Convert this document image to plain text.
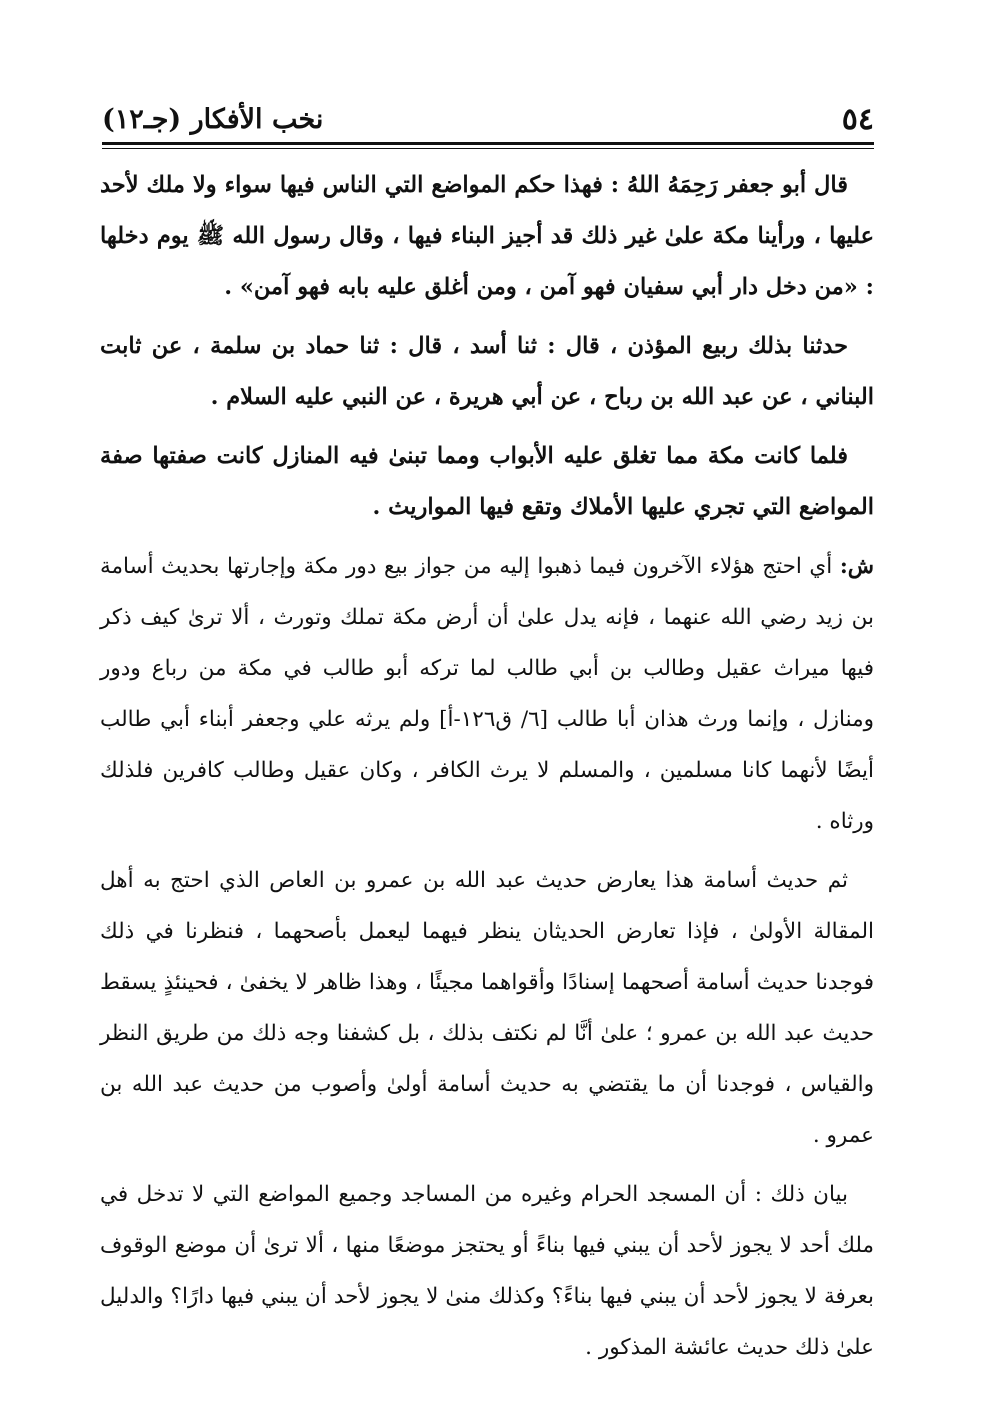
٥٤
نخب الأفكار (جـ١٢)

قال أبو جعفر رَحِمَهُ اللهُ : فهذا حكم المواضع التي الناس فيها سواء ولا ملك لأحد عليها ، ورأينا مكة علىٰ غير ذلك قد أجيز البناء فيها ، وقال رسول الله ﷺ يوم دخلها : «من دخل دار أبي سفيان فهو آمن ، ومن أغلق عليه بابه فهو آمن» .

حدثنا بذلك ربيع المؤذن ، قال : ثنا أسد ، قال : ثنا حماد بن سلمة ، عن ثابت البناني ، عن عبد الله بن رباح ، عن أبي هريرة ، عن النبي عليه السلام .

فلما كانت مكة مما تغلق عليه الأبواب ومما تبنىٰ فيه المنازل كانت صفتها صفة المواضع التي تجري عليها الأملاك وتقع فيها المواريث .

ش: أي احتج هؤلاء الآخرون فيما ذهبوا إليه من جواز بيع دور مكة وإجارتها بحديث أسامة بن زيد رضي الله عنهما ، فإنه يدل علىٰ أن أرض مكة تملك وتورث ، ألا ترىٰ كيف ذكر فيها ميراث عقيل وطالب بن أبي طالب لما تركه أبو طالب في مكة من رباع ودور ومنازل ، وإنما ورث هذان أبا طالب [٦/ ق١٢٦-أ] ولم يرثه علي وجعفر أبناء أبي طالب أيضًا لأنهما كانا مسلمين ، والمسلم لا يرث الكافر ، وكان عقيل وطالب كافرين فلذلك ورثاه .

ثم حديث أسامة هذا يعارض حديث عبد الله بن عمرو بن العاص الذي احتج به أهل المقالة الأولىٰ ، فإذا تعارض الحديثان ينظر فيهما ليعمل بأصحهما ، فنظرنا في ذلك فوجدنا حديث أسامة أصحهما إسنادًا وأقواهما مجيئًا ، وهذا ظاهر لا يخفىٰ ، فحينئذٍ يسقط حديث عبد الله بن عمرو ؛ علىٰ أنَّا لم نكتف بذلك ، بل كشفنا وجه ذلك من طريق النظر والقياس ، فوجدنا أن ما يقتضي به حديث أسامة أولىٰ وأصوب من حديث عبد الله بن عمرو .

بيان ذلك : أن المسجد الحرام وغيره من المساجد وجميع المواضع التي لا تدخل في ملك أحد لا يجوز لأحد أن يبني فيها بناءً أو يحتجز موضعًا منها ، ألا ترىٰ أن موضع الوقوف بعرفة لا يجوز لأحد أن يبني فيها بناءً؟ وكذلك منىٰ لا يجوز لأحد أن يبني فيها دارًا؟ والدليل علىٰ ذلك حديث عائشة المذكور .
